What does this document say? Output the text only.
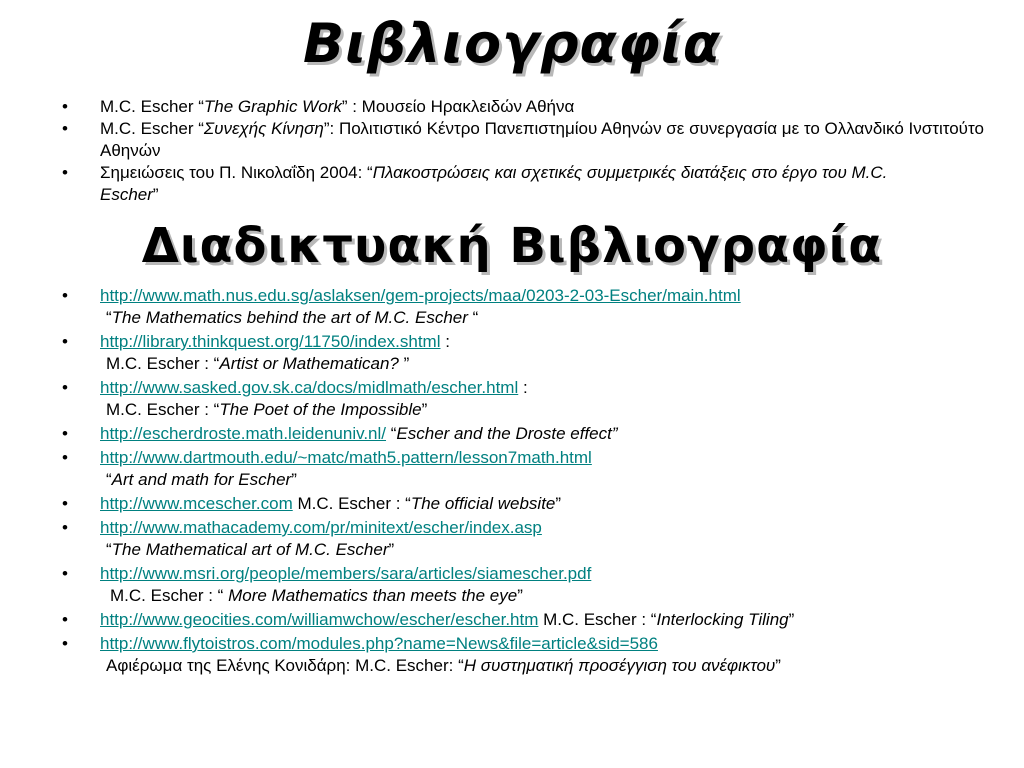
Βιβλιογραφία
• M.C. Escher “The Graphic Work” : Μουσείο Ηρακλειδών Αθήνα
• M.C. Escher “Συνεχής Κίνηση”: Πολιτιστικό Κέντρο Πανεπιστημίου Αθηνών σε συνεργασία με το Ολλανδικό Ινστιτούτο Αθηνών
• Σημειώσεις του Π. Νικολαΐδη 2004: “Πλακοστρώσεις και σχετικές συμμετρικές διατάξεις στο έργο του M.C. Escher”
Διαδικτυακή Βιβλιογραφία
• http://www.math.nus.edu.sg/aslaksen/gem-projects/maa/0203-2-03-Escher/main.html
“The Mathematics behind the art of M.C. Escher “
• http://library.thinkquest.org/11750/index.shtml :
M.C. Escher : “Artist or Mathematican? ”
• http://www.sasked.gov.sk.ca/docs/midlmath/escher.html :
M.C. Escher : “The Poet of the Impossible”
• http://escherdroste.math.leidenuniv.nl/ “Escher and the Droste effect”
• http://www.dartmouth.edu/~matc/math5.pattern/lesson7math.html
“Art and math for Escher”
• http://www.mcescher.com M.C. Escher : “The official website”
• http://www.mathacademy.com/pr/minitext/escher/index.asp
“The Mathematical art of M.C. Escher”
• http://www.msri.org/people/members/sara/articles/siamescher.pdf
M.C. Escher : “ More Mathematics than meets the eye”
• http://www.geocities.com/williamwchow/escher/escher.htm M.C. Escher : “Interlocking Tiling”
• http://www.flytoistros.com/modules.php?name=News&file=article&sid=586
Αφιέρωμα της Ελένης Κονιδάρη: M.C. Escher: “Η συστηματική προσέγγιση του ανέφικτου”
